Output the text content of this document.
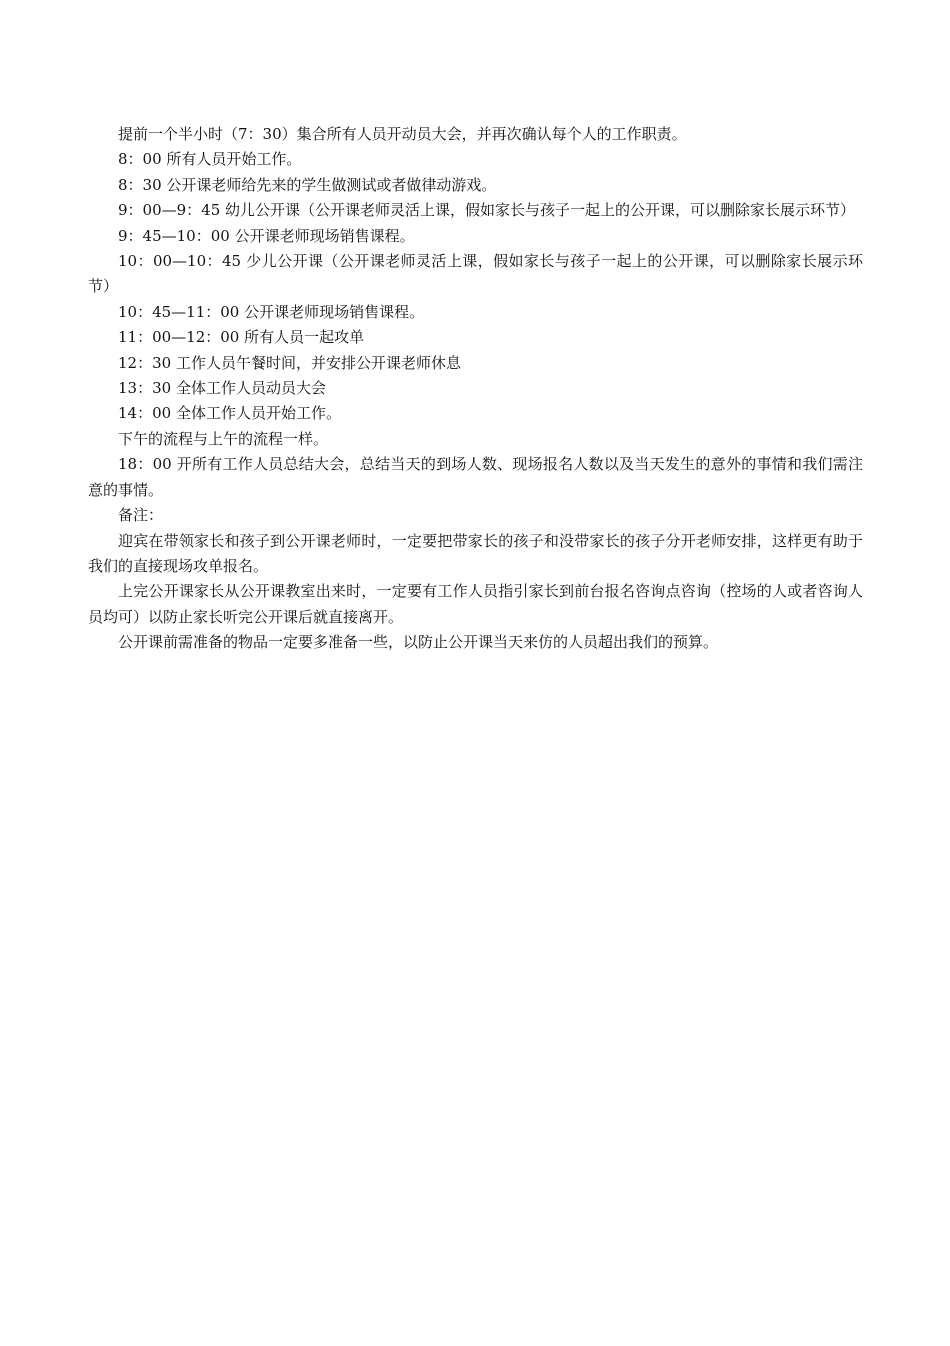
提前一个半小时（7：30）集合所有人员开动员大会，并再次确认每个人的工作职责。

8：00 所有人员开始工作。

8：30 公开课老师给先来的学生做测试或者做律动游戏。

9：00—9：45 幼儿公开课（公开课老师灵活上课，假如家长与孩子一起上的公开课，可以删除家长展示环节）

9：45—10：00 公开课老师现场销售课程。

10：00—10：45 少儿公开课（公开课老师灵活上课，假如家长与孩子一起上的公开课，可以删除家长展示环节）

10：45—11：00 公开课老师现场销售课程。

11：00—12：00 所有人员一起攻单

12：30 工作人员午餐时间，并安排公开课老师休息

13：30 全体工作人员动员大会

14：00 全体工作人员开始工作。

下午的流程与上午的流程一样。

18：00 开所有工作人员总结大会，总结当天的到场人数、现场报名人数以及当天发生的意外的事情和我们需注意的事情。

备注：

迎宾在带领家长和孩子到公开课老师时，一定要把带家长的孩子和没带家长的孩子分开老师安排，这样更有助于我们的直接现场攻单报名。

上完公开课家长从公开课教室出来时，一定要有工作人员指引家长到前台报名咨询点咨询（控场的人或者咨询人员均可）以防止家长听完公开课后就直接离开。

公开课前需准备的物品一定要多准备一些，以防止公开课当天来仿的人员超出我们的预算。
